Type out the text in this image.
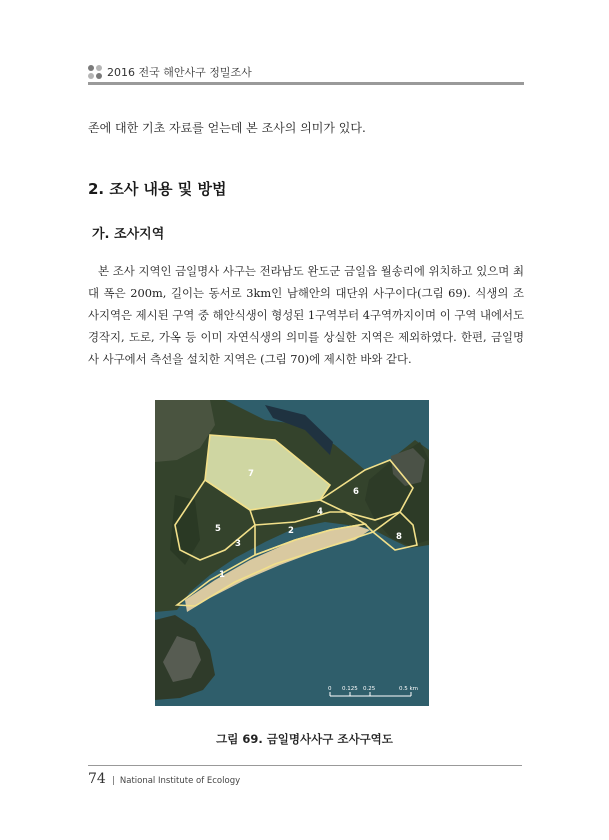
2016 전국 해안사구 정밀조사
존에 대한 기초 자료를 얻는데 본 조사의 의미가 있다.
2. 조사 내용 및 방법
가. 조사지역
본 조사 지역인 금일명사 사구는 전라남도 완도군 금일읍 월송리에 위치하고 있으며 최대 폭은 200m, 길이는 동서로 3km인 남해안의 대단위 사구이다(그림 69). 식생의 조사지역은 제시된 구역 중 해안식생이 형성된 1구역부터 4구역까지이며 이 구역 내에서도 경작지, 도로, 가옥 등 이미 자연식생의 의미를 상실한 지역은 제외하였다. 한편, 금일명사 사구에서 측선을 설치한 지역은 (그림 70)에 제시한 바와 같다.
1
2
3
4
5
6
7
8
0 0.125 0.25	0.5 km
그림 69. 금일명사사구 조사구역도
74 | National Institute of Ecology
